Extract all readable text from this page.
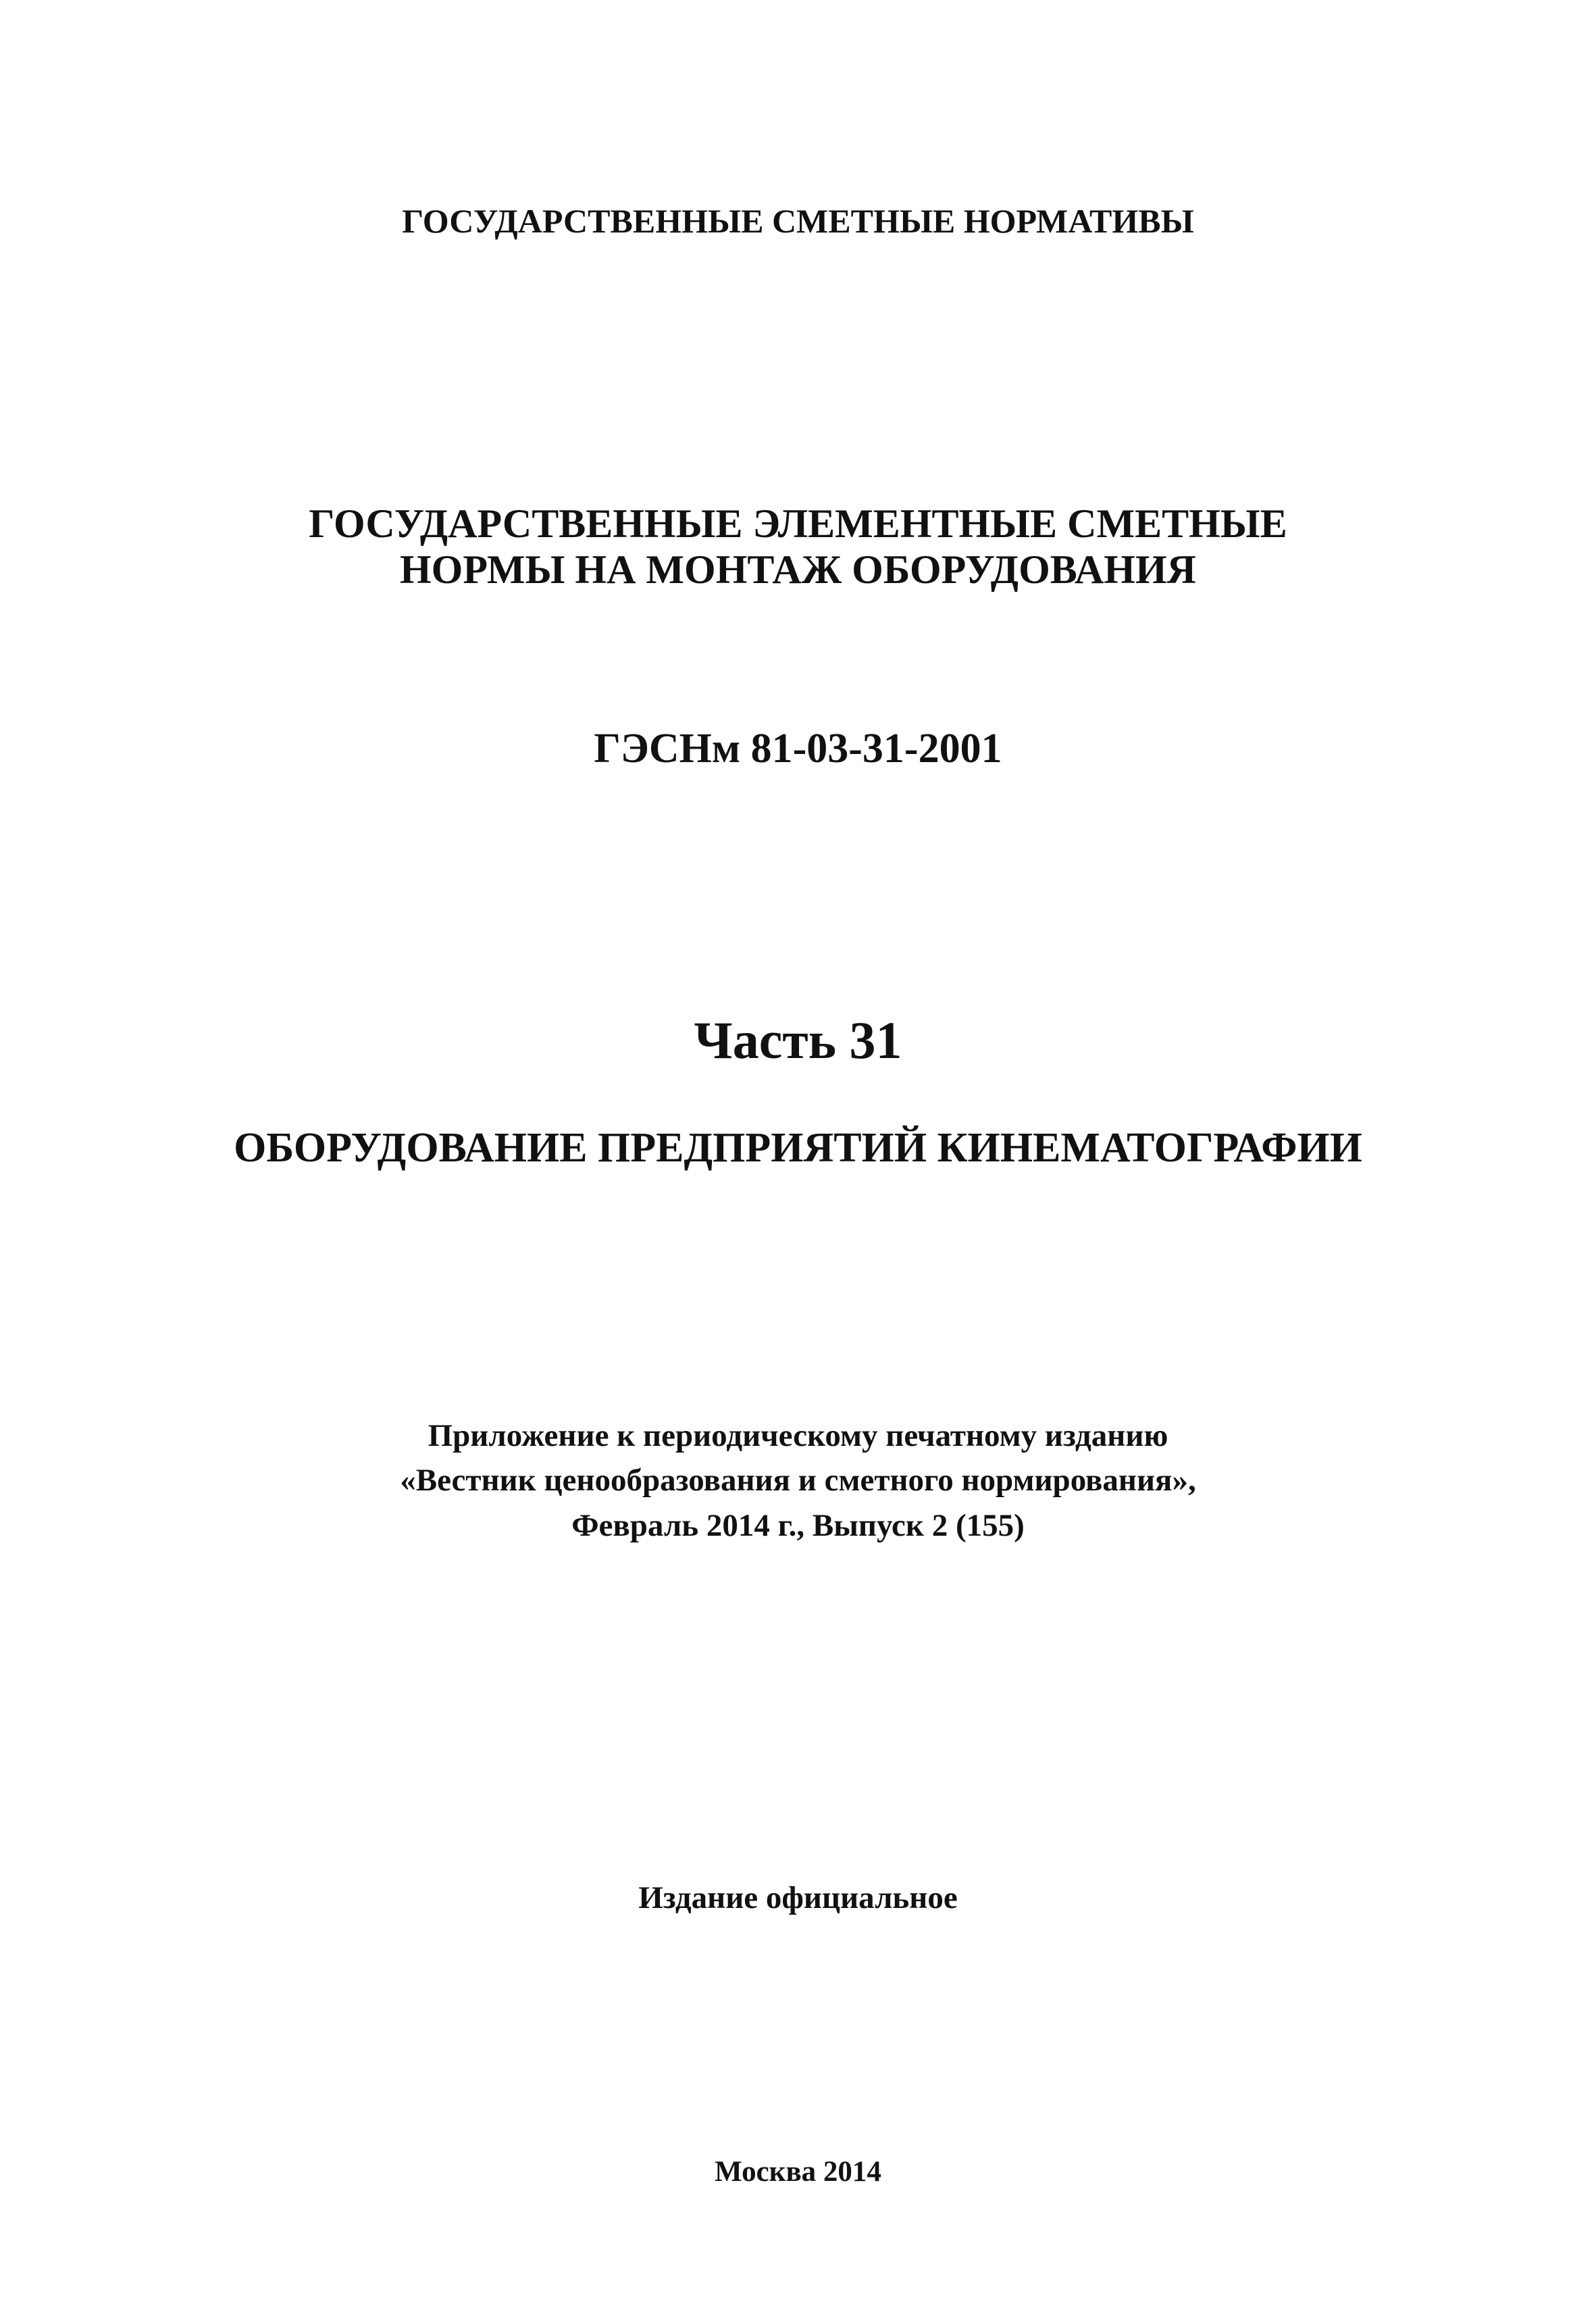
ГОСУДАРСТВЕННЫЕ СМЕТНЫЕ НОРМАТИВЫ
ГОСУДАРСТВЕННЫЕ ЭЛЕМЕНТНЫЕ СМЕТНЫЕ
НОРМЫ НА МОНТАЖ ОБОРУДОВАНИЯ
ГЭСНм 81-03-31-2001
Часть 31
ОБОРУДОВАНИЕ ПРЕДПРИЯТИЙ КИНЕМАТОГРАФИИ
Приложение к периодическому печатному изданию
«Вестник ценообразования и сметного нормирования»,
Февраль 2014 г., Выпуск 2 (155)
Издание официальное
Москва 2014
